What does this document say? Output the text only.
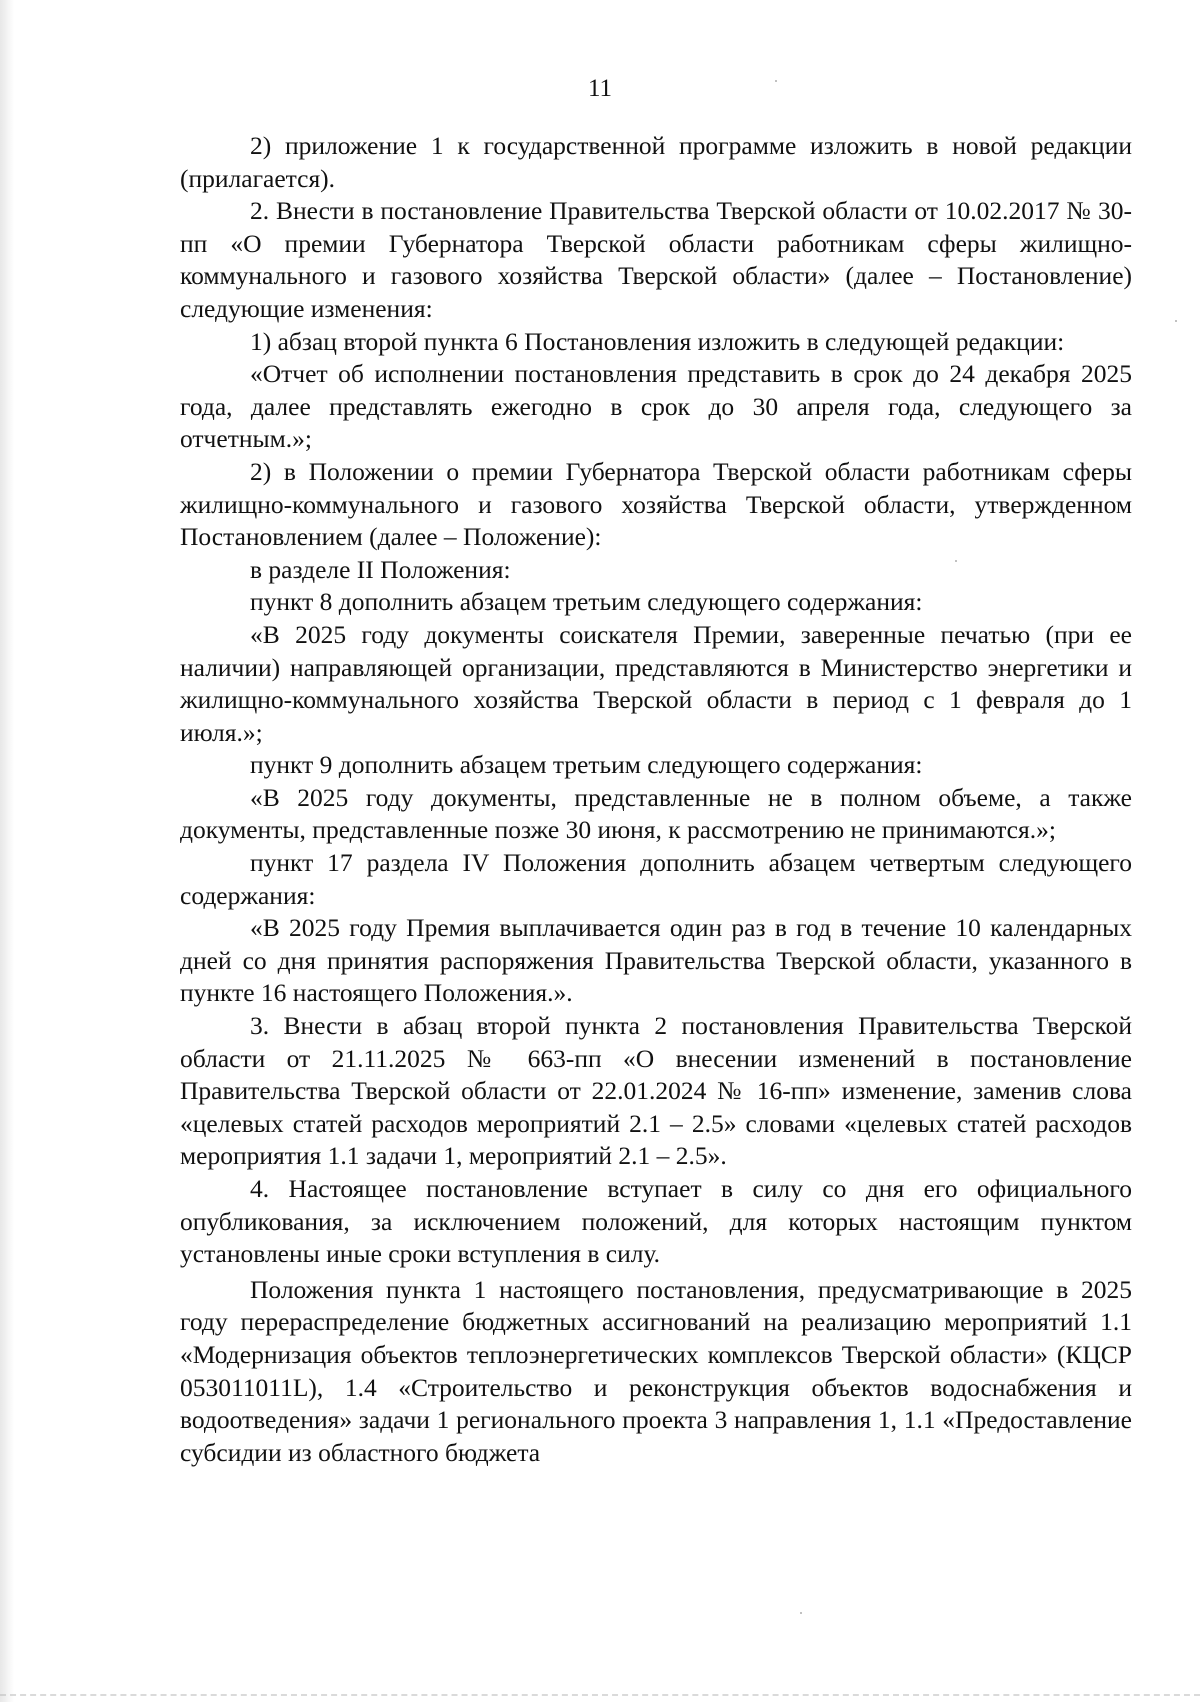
11

2) приложение 1 к государственной программе изложить в новой редакции (прилагается).

2. Внести в постановление Правительства Тверской области от 10.02.2017 № 30-пп «О премии Губернатора Тверской области работникам сферы жилищно-коммунального и газового хозяйства Тверской области» (далее – Постановление) следующие изменения:

1) абзац второй пункта 6 Постановления изложить в следующей редакции:

«Отчет об исполнении постановления представить в срок до 24 декабря 2025 года, далее представлять ежегодно в срок до 30 апреля года, следующего за отчетным.»;

2) в Положении о премии Губернатора Тверской области работникам сферы жилищно-коммунального и газового хозяйства Тверской области, утвержденном Постановлением (далее – Положение):

в разделе II Положения:

пункт 8 дополнить абзацем третьим следующего содержания:

«В 2025 году документы соискателя Премии, заверенные печатью (при ее наличии) направляющей организации, представляются в Министерство энергетики и жилищно-коммунального хозяйства Тверской области в период с 1 февраля до 1 июля.»;

пункт 9 дополнить абзацем третьим следующего содержания:

«В 2025 году документы, представленные не в полном объеме, а также документы, представленные позже 30 июня, к рассмотрению не принимаются.»;

пункт 17 раздела IV Положения дополнить абзацем четвертым следующего содержания:

«В 2025 году Премия выплачивается один раз в год в течение 10 календарных дней со дня принятия распоряжения Правительства Тверской области, указанного в пункте 16 настоящего Положения.».

3. Внести в абзац второй пункта 2 постановления Правительства Тверской области от 21.11.2025 № 663-пп «О внесении изменений в постановление Правительства Тверской области от 22.01.2024 № 16-пп» изменение, заменив слова «целевых статей расходов мероприятий 2.1 – 2.5» словами «целевых статей расходов мероприятия 1.1 задачи 1, мероприятий 2.1 – 2.5».

4. Настоящее постановление вступает в силу со дня его официального опубликования, за исключением положений, для которых настоящим пунктом установлены иные сроки вступления в силу.

Положения пункта 1 настоящего постановления, предусматривающие в 2025 году перераспределение бюджетных ассигнований на реализацию мероприятий 1.1 «Модернизация объектов теплоэнергетических комплексов Тверской области» (КЦСР 053011011L), 1.4 «Строительство и реконструкция объектов водоснабжения и водоотведения» задачи 1 регионального проекта 3 направления 1, 1.1 «Предоставление субсидии из областного бюджета
